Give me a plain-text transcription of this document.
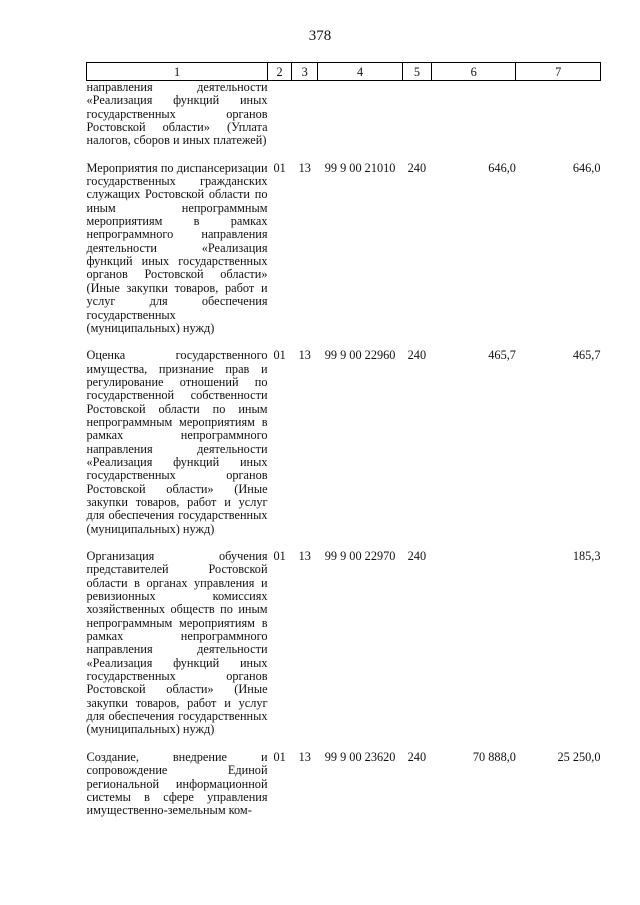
378
1	2	3	4	5	6	7
направления деятельности «Реализация функций иных государственных органов Ростовской области» (Уплата налогов, сборов и иных платежей)						

Мероприятия по диспансеризации государственных гражданских служащих Ростовской области по иным непрограммным мероприятиям в рамках непрограммного направления деятельности «Реализация функций иных государственных органов Ростовской области» (Иные закупки товаров, работ и услуг для обеспечения государственных (муниципальных) нужд)	01	13	99 9 00 21010	240	646,0	646,0

Оценка государственного имущества, признание прав и регулирование отношений по государственной собственности Ростовской области по иным непрограммным мероприятиям в рамках непрограммного направления деятельности «Реализация функций иных государственных органов Ростовской области» (Иные закупки товаров, работ и услуг для обеспечения государственных (муниципальных) нужд)	01	13	99 9 00 22960	240	465,7	465,7

Организация обучения представителей Ростовской области в органах управления и ревизионных комиссиях хозяйственных обществ по иным непрограммным мероприятиям в рамках непрограммного направления деятельности «Реализация функций иных государственных органов Ростовской области» (Иные закупки товаров, работ и услуг для обеспечения государственных (муниципальных) нужд)	01	13	99 9 00 22970	240		185,3

Создание, внедрение и сопровождение Единой региональной информационной системы в сфере управления имущественно-земельным ком-	01	13	99 9 00 23620	240	70 888,0	25 250,0
